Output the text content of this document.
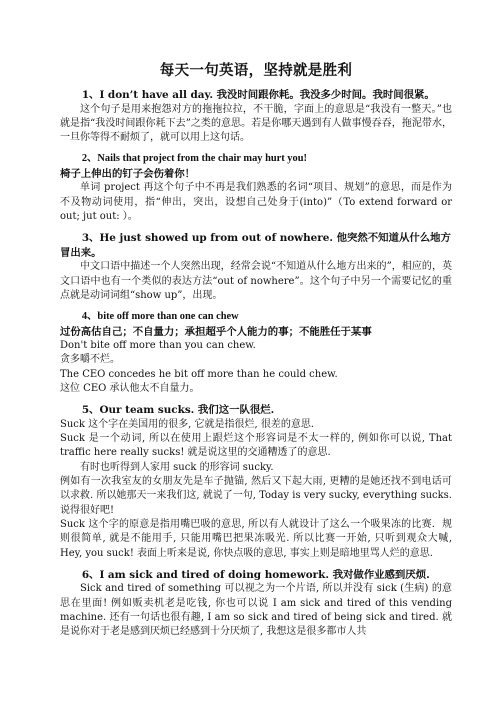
每天一句英语，坚持就是胜利
1、I don’t have all day. 我没时间跟你耗。我没多少时间。我时间很紧。

这个句子是用来抱怨对方的拖拖拉拉，不干脆，字面上的意思是“我没有一整天。”也就是指“我没时间跟你耗下去”之类的意思。若是你哪天遇到有人做事慢吞吞，拖泥带水，一旦你等得不耐烦了，就可以用上这句话。

2、Nails that project from the chair may hurt you!
椅子上伸出的钉子会伤着你！

单词 project 再这个句子中不再是我们熟悉的名词“项目、规划”的意思，而是作为不及物动词使用，指“伸出，突出，设想自己处身于(into)”（To extend forward or out; jut out: ）。

3、He just showed up from out of nowhere. 他突然不知道从什么地方冒出来。

中文口语中描述一个人突然出现，经常会说“不知道从什么地方出来的”，相应的，英文口语中也有一个类似的表达方法“out of nowhere”。这个句子中另一个需要记忆的重点就是动词词组“show up”，出现。

4、bite off more than one can chew
过份高估自己；不自量力；承担超乎个人能力的事；不能胜任于某事

Don't bite off more than you can chew.

贪多嚼不烂。

The CEO concedes he bit off more than he could chew.

这位 CEO 承认他太不自量力。

5、Our team sucks. 我们这一队很烂.

Suck 这个字在美国用的很多, 它就是指很烂, 很差的意思.

Suck 是一个动词, 所以在使用上跟烂这个形容词是不太一样的, 例如你可以说, That traffic here really sucks! 就是说这里的交通糟透了的意思.

有时也听得到人家用 suck 的形容词 sucky.

例如有一次我室友的女朋友先是车子抛锚, 然后又下起大雨, 更糟的是她还找不到电话可以求救. 所以她那天一来我们这, 就说了一句, Today is very sucky, everything sucks. 说得很好吧!

Suck 这个字的原意是指用嘴巴吸的意思, 所以有人就设计了这么一个吸果冻的比赛．规则很简单, 就是不能用手, 只能用嘴巴把果冻吸光. 所以比赛一开始, 只听到观众大喊, Hey, you suck! 表面上听来是说, 你快点吸的意思, 事实上则是暗地里骂人烂的意思.

6、I am sick and tired of doing homework. 我对做作业感到厌烦.

Sick and tired of something 可以视之为一个片语, 所以并没有 sick (生病) 的意思在里面! 例如贩卖机老是吃钱, 你也可以说 I am sick and tired of this vending machine. 还有一句话也很有趣, I am so sick and tired of being sick and tired. 就是说你对于老是感到厌烦已经感到十分厌烦了, 我想这是很多都市人共
